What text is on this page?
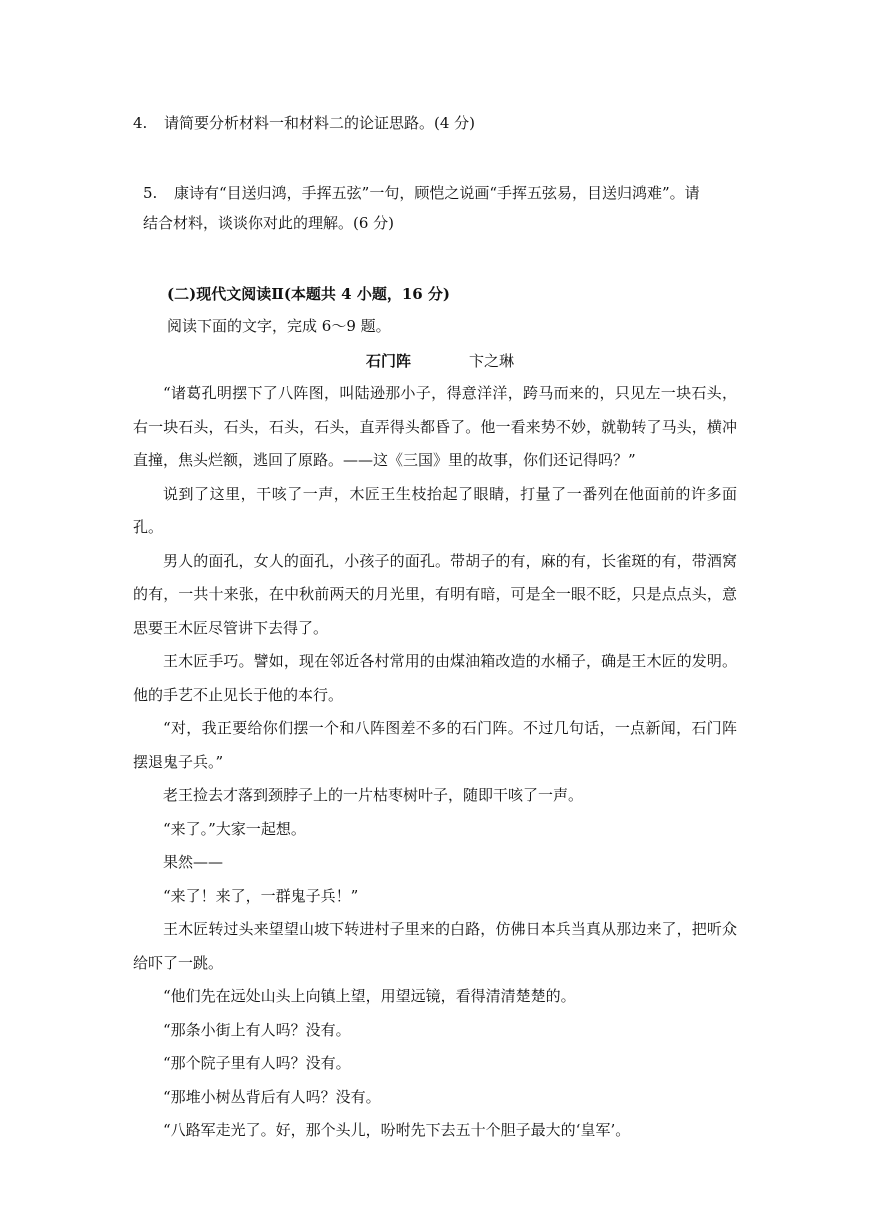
4. 请简要分析材料一和材料二的论证思路。(4 分)
5. 康诗有“目送归鸿，手挥五弦”一句，顾恺之说画“手挥五弦易，目送归鸿难”。请
结合材料，谈谈你对此的理解。(6 分)
(二)现代文阅读Ⅱ(本题共 4 小题，16 分)
阅读下面的文字，完成 6～9 题。
石门阵	卞之琳

“诸葛孔明摆下了八阵图，叫陆逊那小子，得意洋洋，跨马而来的，只见左一块石头，右一块石头，石头，石头，石头，直弄得头都昏了。他一看来势不妙，就勒转了马头，横冲直撞，焦头烂额，逃回了原路。——这《三国》里的故事，你们还记得吗？”

说到了这里，干咳了一声，木匠王生枝抬起了眼睛，打量了一番列在他面前的许多面孔。

男人的面孔，女人的面孔，小孩子的面孔。带胡子的有，麻的有，长雀斑的有，带酒窝的有，一共十来张，在中秋前两天的月光里，有明有暗，可是全一眼不眨，只是点点头，意思要王木匠尽管讲下去得了。

王木匠手巧。譬如，现在邻近各村常用的由煤油箱改造的水桶子，确是王木匠的发明。他的手艺不止见长于他的本行。

“对，我正要给你们摆一个和八阵图差不多的石门阵。不过几句话，一点新闻，石门阵摆退鬼子兵。”

老王捡去才落到颈脖子上的一片枯枣树叶子，随即干咳了一声。

“来了。”大家一起想。

果然——

“来了！来了，一群鬼子兵！”

王木匠转过头来望望山坡下转进村子里来的白路，仿佛日本兵当真从那边来了，把听众给吓了一跳。

“他们先在远处山头上向镇上望，用望远镜，看得清清楚楚的。

“那条小街上有人吗？没有。

“那个院子里有人吗？没有。

“那堆小树丛背后有人吗？没有。

“八路军走光了。好，那个头儿，吩咐先下去五十个胆子最大的‘皇军’。
